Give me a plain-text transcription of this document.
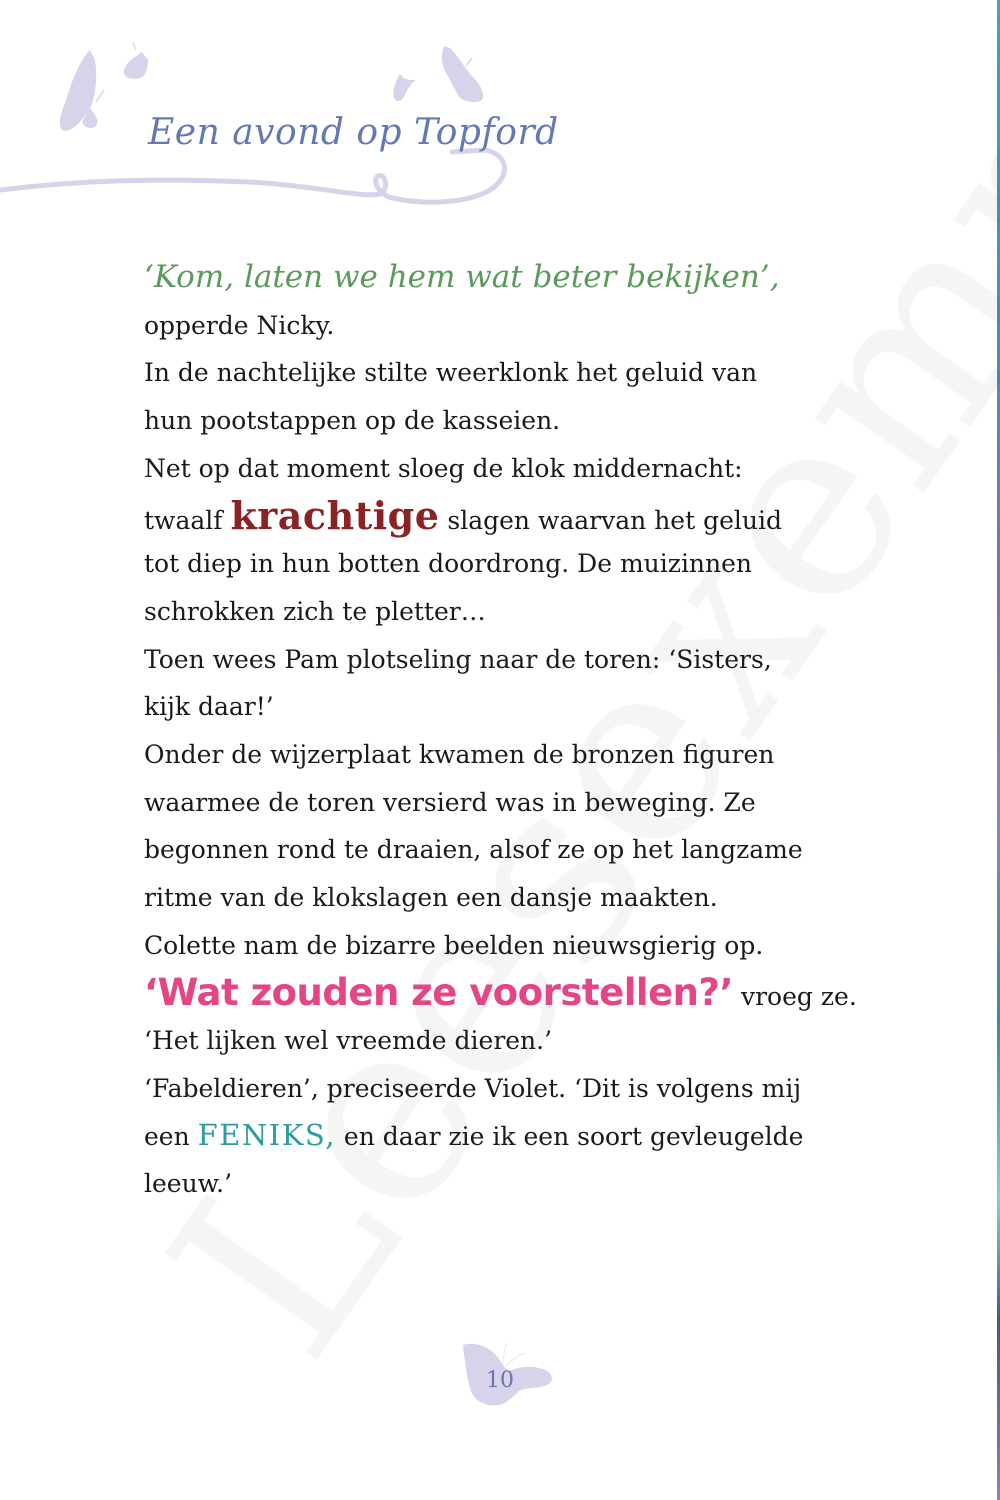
Een avond op Topford
‘Kom, laten we hem wat beter bekijken’,
opperde Nicky.
In de nachtelijke stilte weerklonk het geluid van
hun pootstappen op de kasseien.
Net op dat moment sloeg de klok middernacht:
twaalf krachtige slagen waarvan het geluid
tot diep in hun botten doordrong. De muizinnen
schrokken zich te pletter…
Toen wees Pam plotseling naar de toren: ‘Sisters,
kijk daar!’
Onder de wijzerplaat kwamen de bronzen figuren
waarmee de toren versierd was in beweging. Ze
begonnen rond te draaien, alsof ze op het langzame
ritme van de klokslagen een dansje maakten.
Colette nam de bizarre beelden nieuwsgierig op.
‘Wat zouden ze voorstellen?’ vroeg ze.
‘Het lijken wel vreemde dieren.’
‘Fabeldieren’, preciseerde Violet. ‘Dit is volgens mij
een FENIKS, en daar zie ik een soort gevleugelde
leeuw.’
10
